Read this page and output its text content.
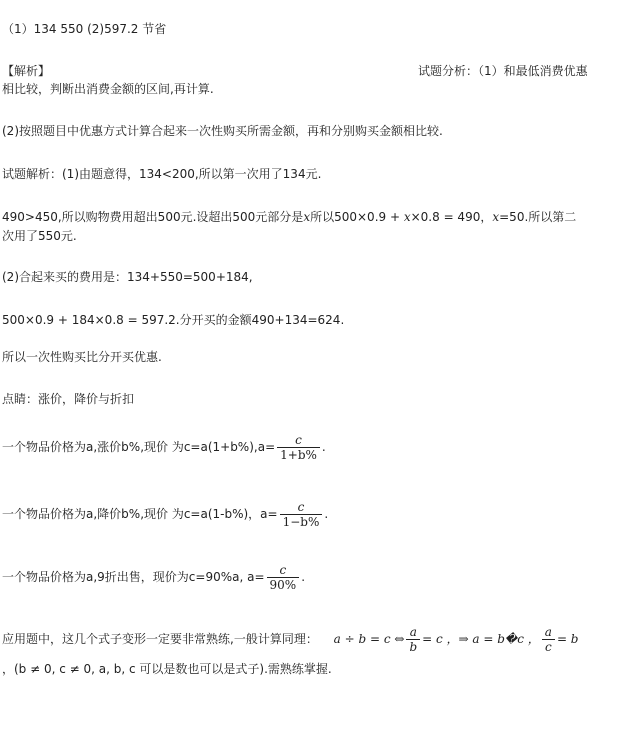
（1）134 550 (2)597.2 节省
【解析】	试题分析：（1）和最低消费优惠
相比较，判断出消费金额的区间,再计算.
(2)按照题目中优惠方式计算合起来一次性购买所需金额，再和分别购买金额相比较.
试题解析：(1)由题意得，134<200,所以第一次用了134元.
490>450,所以购物费用超出500元.设超出500元部分是x所以500×0.9 + x×0.8 = 490，x=50.所以第二
次用了550元.
(2)合起来买的费用是：134+550=500+184,
500×0.9 + 184×0.8 = 597.2.分开买的金额490+134=624.
所以一次性购买比分开买优惠.
点睛：涨价，降价与折扣
一个物品价格为a,涨价b%,现价 为$c=a(1+b\%),a= \frac{c}{1+b\%}$ .
一个物品价格为a,降价b%,现价 为c=a(1-b%)，$a= \frac{c}{1-b\%}$ .
一个物品价格为a,9折出售，现价为c=90%a, $a= \frac{c}{90\%}$ .
应用题中，这几个式子变形一定要非常熟练,一般计算同理： a ÷ b = c ⇔ $\frac{a}{b} = c$ ，⇒ a = b�c ， $\frac{a}{c} = b$
，(b ≠ 0, c ≠ 0, a, b, c 可以是数也可以是式子).需熟练掌握.
